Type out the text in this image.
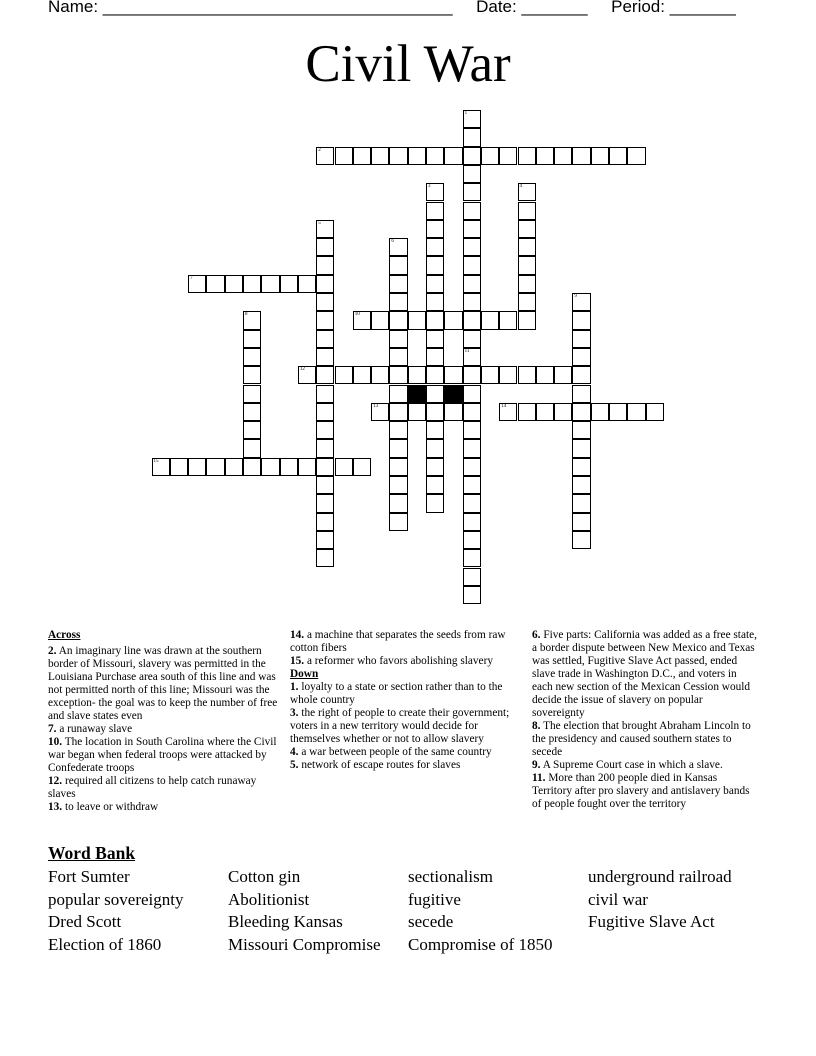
Name: _____________________________________ Date: _______ Period: _______
Civil War
2
7
10
12
13	14
15
1
11
3	4
5
6
8
9
Across
2. An imaginary line was drawn at the southern border of Missouri, slavery was permitted in the Louisiana Purchase area south of this line and was not permitted north of this line; Missouri was the exception- the goal was to keep the number of free and slave states even
7. a runaway slave
10. The location in South Carolina where the Civil war began when federal troops were attacked by Confederate troops
12. required all citizens to help catch runaway slaves
13. to leave or withdraw
14. a machine that separates the seeds from raw cotton fibers
15. a reformer who favors abolishing slavery
Down
1. loyalty to a state or section rather than to the whole country
3. the right of people to create their government; voters in a new territory would decide for themselves whether or not to allow slavery
4. a war between people of the same country
5. network of escape routes for slaves
6. Five parts: California was added as a free state, a border dispute between New Mexico and Texas was settled, Fugitive Slave Act passed, ended slave trade in Washington D.C., and voters in each new section of the Mexican Cession would decide the issue of slavery on popular sovereignty
8. The election that brought Abraham Lincoln to the presidency and caused southern states to secede
9. A Supreme Court case in which a slave.
11. More than 200 people died in Kansas Territory after pro slavery and antislavery bands of people fought over the territory
Word Bank
Fort Sumter	Cotton gin	sectionalism	underground railroad
popular sovereignty	Abolitionist	fugitive	civil war
Dred Scott	Bleeding Kansas	secede	Fugitive Slave Act
Election of 1860	Missouri Compromise	Compromise of 1850
